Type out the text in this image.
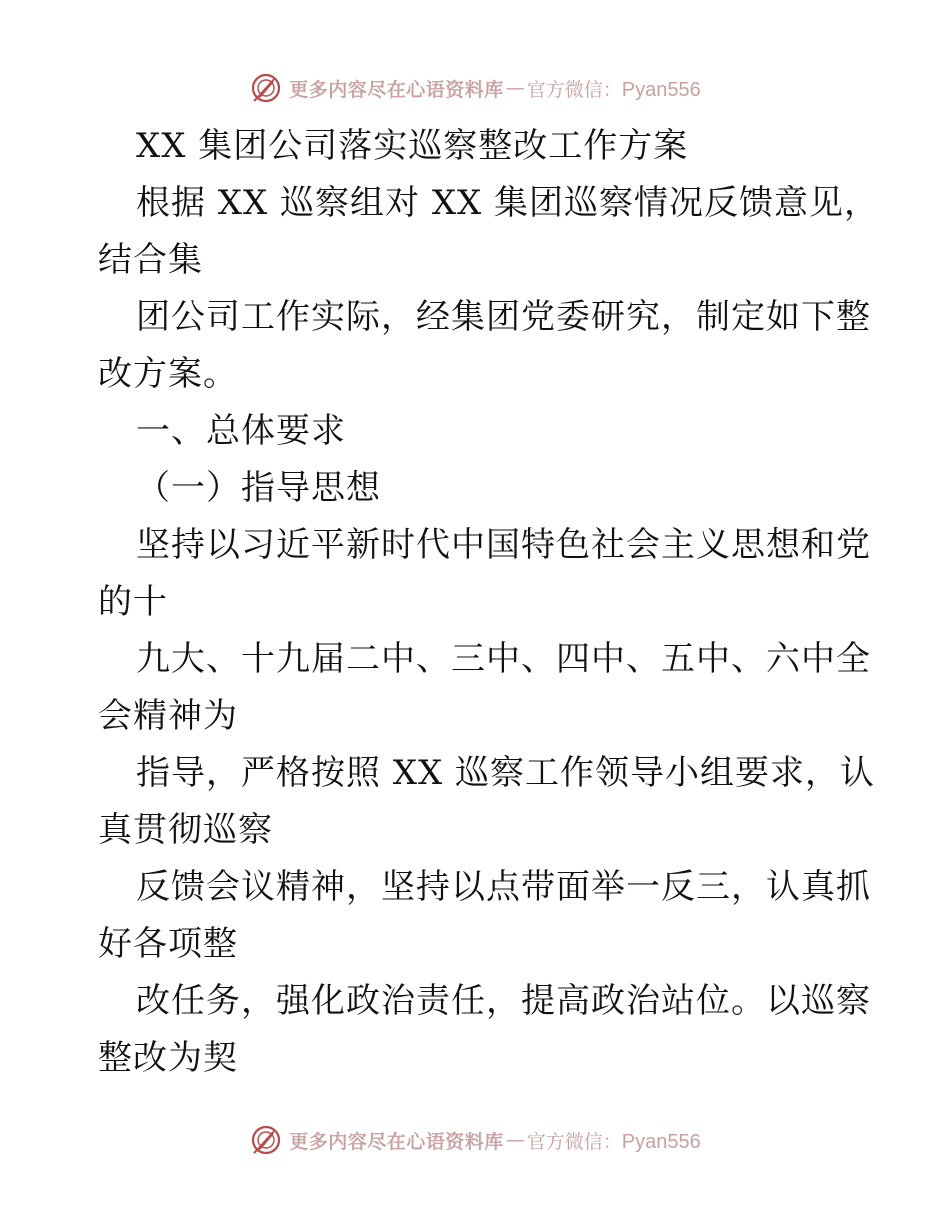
更多内容尽在心语资料库 — 官方微信：Pyan556
XX 集团公司落实巡察整改工作方案
根据 XX 巡察组对 XX 集团巡察情况反馈意见，
结合集
团公司工作实际，经集团党委研究，制定如下整
改方案。
一、总体要求
（一）指导思想
坚持以习近平新时代中国特色社会主义思想和党
的十
九大、十九届二中、三中、四中、五中、六中全
会精神为
指导，严格按照 XX 巡察工作领导小组要求，认
真贯彻巡察
反馈会议精神，坚持以点带面举一反三，认真抓
好各项整
改任务，强化政治责任，提高政治站位。以巡察
整改为契
更多内容尽在心语资料库 — 官方微信：Pyan556
